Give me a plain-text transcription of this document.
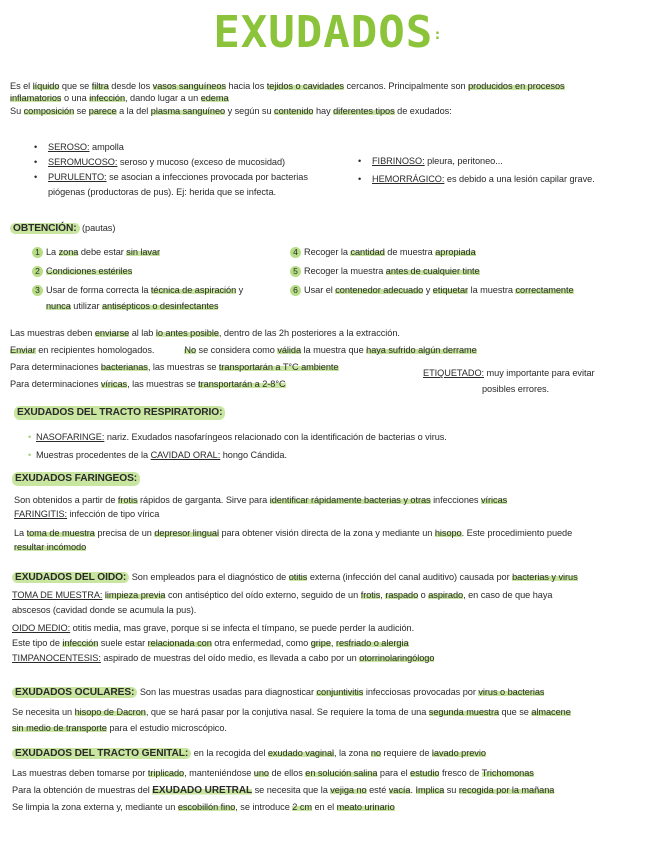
EXUDADOS:
Es el líquido que se filtra desde los vasos sanguíneos hacia los tejidos o cavidades cercanos. Principalmente son producidos en procesos
inflamatorios o una infección, dando lugar a un edema
Su composición se parece a la del plasma sanguíneo y según su contenido hay diferentes tipos de exudados:
• SEROSO: ampolla
• SEROMUCOSO: seroso y mucoso (exceso de mucosidad)
• PURULENTO: se asocian a infecciones provocada por bacterias
piógenas (productoras de pus). Ej: herida que se infecta.
• FIBRINOSO: pleura, peritoneo...
• HEMORRÁGICO: es debido a una lesión capilar grave.
OBTENCIÓN: (pautas)
1 La zona debe estar sin lavar
2 Condiciones estériles
3 Usar de forma correcta la técnica de aspiración y
nunca utilizar antisépticos o desinfectantes
4 Recoger la cantidad de muestra apropiada
5 Recoger la muestra antes de cualquier tinte
6 Usar el contenedor adecuado y etiquetar la muestra correctamente
Las muestras deben enviarse al lab lo antes posible, dentro de las 2h posteriores a la extracción.
Enviar en recipientes homologados.	No se considera como válida la muestra que haya sufrido algún derrame
Para determinaciones bacterianas, las muestras se transportarán a T°C ambiente
Para determinaciones víricas, las muestras se transportarán a 2-8°C
ETIQUETADO: muy importante para evitar
posibles errores.
EXUDADOS DEL TRACTO RESPIRATORIO:
• NASOFARINGE: nariz. Exudados nasofaríngeos relacionado con la identificación de bacterias o virus.
• Muestras procedentes de la CAVIDAD ORAL: hongo Cándida.
EXUDADOS FARINGEOS:
Son obtenidos a partir de frotis rápidos de garganta. Sirve para identificar rápidamente bacterias y otras infecciones víricas
FARINGITIS: infección de tipo vírica
La toma de muestra precisa de un depresor lingual para obtener visión directa de la zona y mediante un hisopo. Este procedimiento puede
resultar incómodo
EXUDADOS DEL OIDO: Son empleados para el diagnóstico de otitis externa (infección del canal auditivo) causada por bacterias y virus
TOMA DE MUESTRA: limpieza previa con antiséptico del oído externo, seguido de un frotis, raspado o aspirado, en caso de que haya
abscesos (cavidad donde se acumula la pus).
OIDO MEDIO: otitis media, mas grave, porque si se infecta el tímpano, se puede perder la audición.
Este tipo de infección suele estar relacionada con otra enfermedad, como gripe, resfriado o alergia
TIMPANOCENTESIS: aspirado de muestras del oído medio, es llevada a cabo por un otorrinolaringólogo
EXUDADOS OCULARES: Son las muestras usadas para diagnosticar conjuntivitis infecciosas provocadas por virus o bacterias
Se necesita un hisopo de Dacron, que se hará pasar por la conjutiva nasal. Se requiere la toma de una segunda muestra que se almacene
sin medio de transporte para el estudio microscópico.
EXUDADOS DEL TRACTO GENITAL: en la recogida del exudado vaginal, la zona no requiere de lavado previo
Las muestras deben tomarse por triplicado, manteniéndose uno de ellos en solución salina para el estudio fresco de Trichomonas
Para la obtención de muestras del EXUDADO URETRAL se necesita que la vejiga no esté vacía. Implica su recogida por la mañana
Se limpia la zona externa y, mediante un escobillón fino, se introduce 2 cm en el meato urinario
